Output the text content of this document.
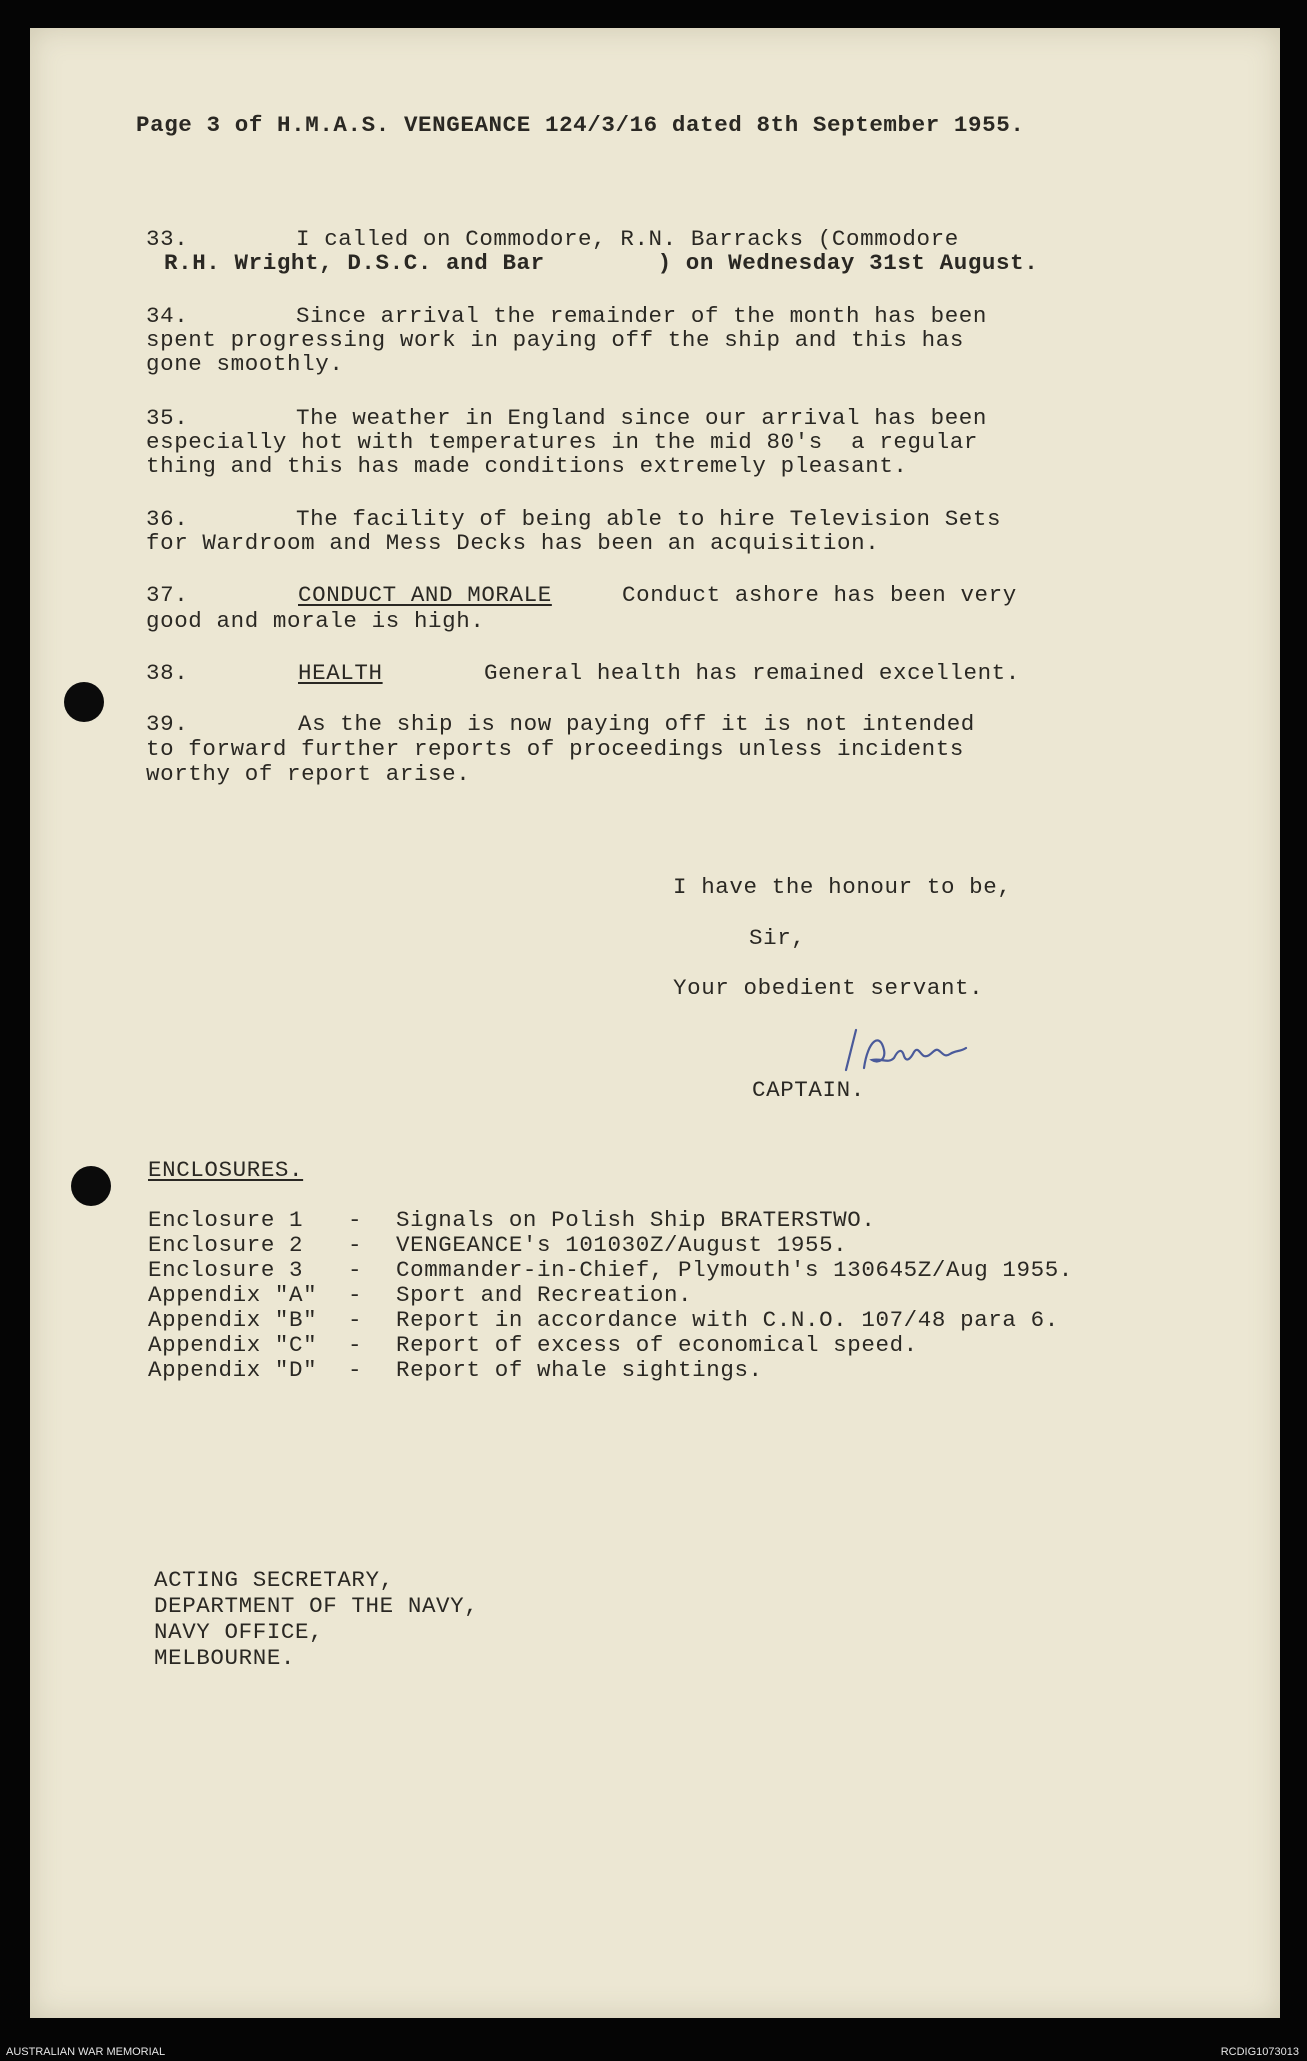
Page 3 of H.M.A.S. VENGEANCE 124/3/16 dated 8th September 1955.
33.	I called on Commodore, R.N. Barracks (Commodore
R.H. Wright, D.S.C. and Bar        ) on Wednesday 31st August.
34.	Since arrival the remainder of the month has been
spent progressing work in paying off the ship and this has
gone smoothly.
35.	The weather in England since our arrival has been
especially hot with temperatures in the mid 80's  a regular
thing and this has made conditions extremely pleasant.
36.	The facility of being able to hire Television Sets
for Wardroom and Mess Decks has been an acquisition.
37.	CONDUCT AND MORALE	Conduct ashore has been very
good and morale is high.
38.	HEALTH	General health has remained excellent.
39.	As the ship is now paying off it is not intended
to forward further reports of proceedings unless incidents
worthy of report arise.
I have the honour to be,
Sir,
Your obedient servant.
CAPTAIN.
ENCLOSURES.
Enclosure 1 - Signals on Polish Ship BRATERSTWO.
Enclosure 2 - VENGEANCE's 101030Z/August 1955.
Enclosure 3 - Commander-in-Chief, Plymouth's 130645Z/Aug 1955.
Appendix "A" - Sport and Recreation.
Appendix "B" - Report in accordance with C.N.O. 107/48 para 6.
Appendix "C" - Report of excess of economical speed.
Appendix "D" - Report of whale sightings.
ACTING SECRETARY,
DEPARTMENT OF THE NAVY,
NAVY OFFICE,
MELBOURNE.
AUSTRALIAN WAR MEMORIAL	RCDIG1073013
